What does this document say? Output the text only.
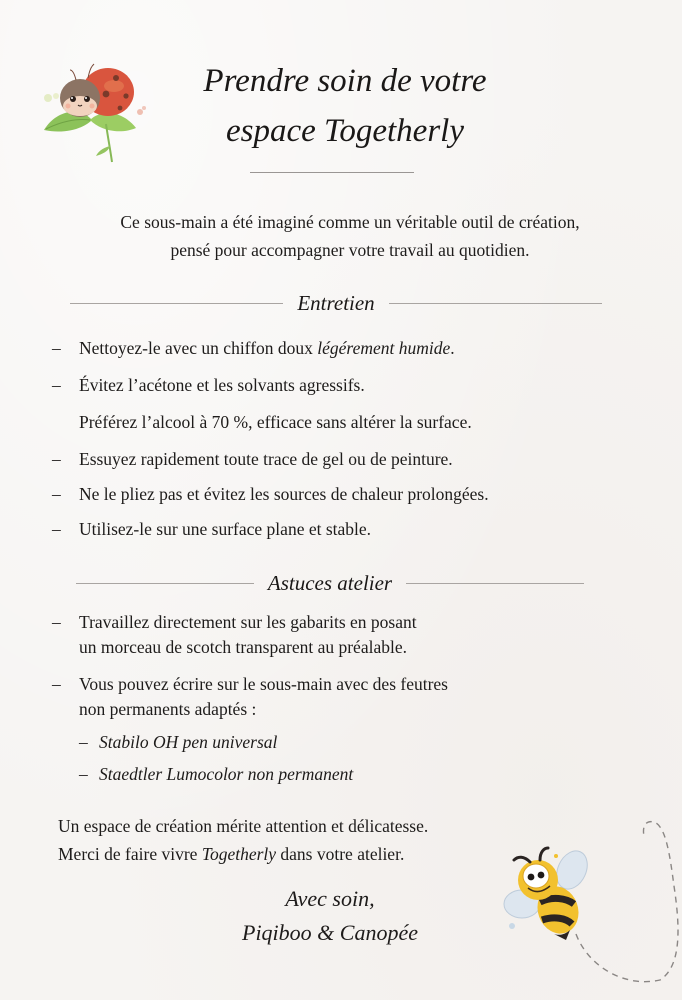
Prendre soin de votre
espace Togetherly
Ce sous-main a été imaginé comme un véritable outil de création,
pensé pour accompagner votre travail au quotidien.
Entretien
– Nettoyez-le avec un chiffon doux légérement humide.
– Évitez l’acétone et les solvants agressifs.
Préférez l’alcool à 70 %, efficace sans altérer la surface.
– Essuyez rapidement toute trace de gel ou de peinture.
– Ne le pliez pas et évitez les sources de chaleur prolongées.
– Utilisez-le sur une surface plane et stable.
Astuces atelier
– Travaillez directement sur les gabarits en posant
un morceau de scotch transparent au préalable.
– Vous pouvez écrire sur le sous-main avec des feutres
non permanents adaptés :
– Stabilo OH pen universal
– Staedtler Lumocolor non permanent
Un espace de création mérite attention et délicatesse.
Merci de faire vivre Togetherly dans votre atelier.
Avec soin,
Piqiboo & Canopée
